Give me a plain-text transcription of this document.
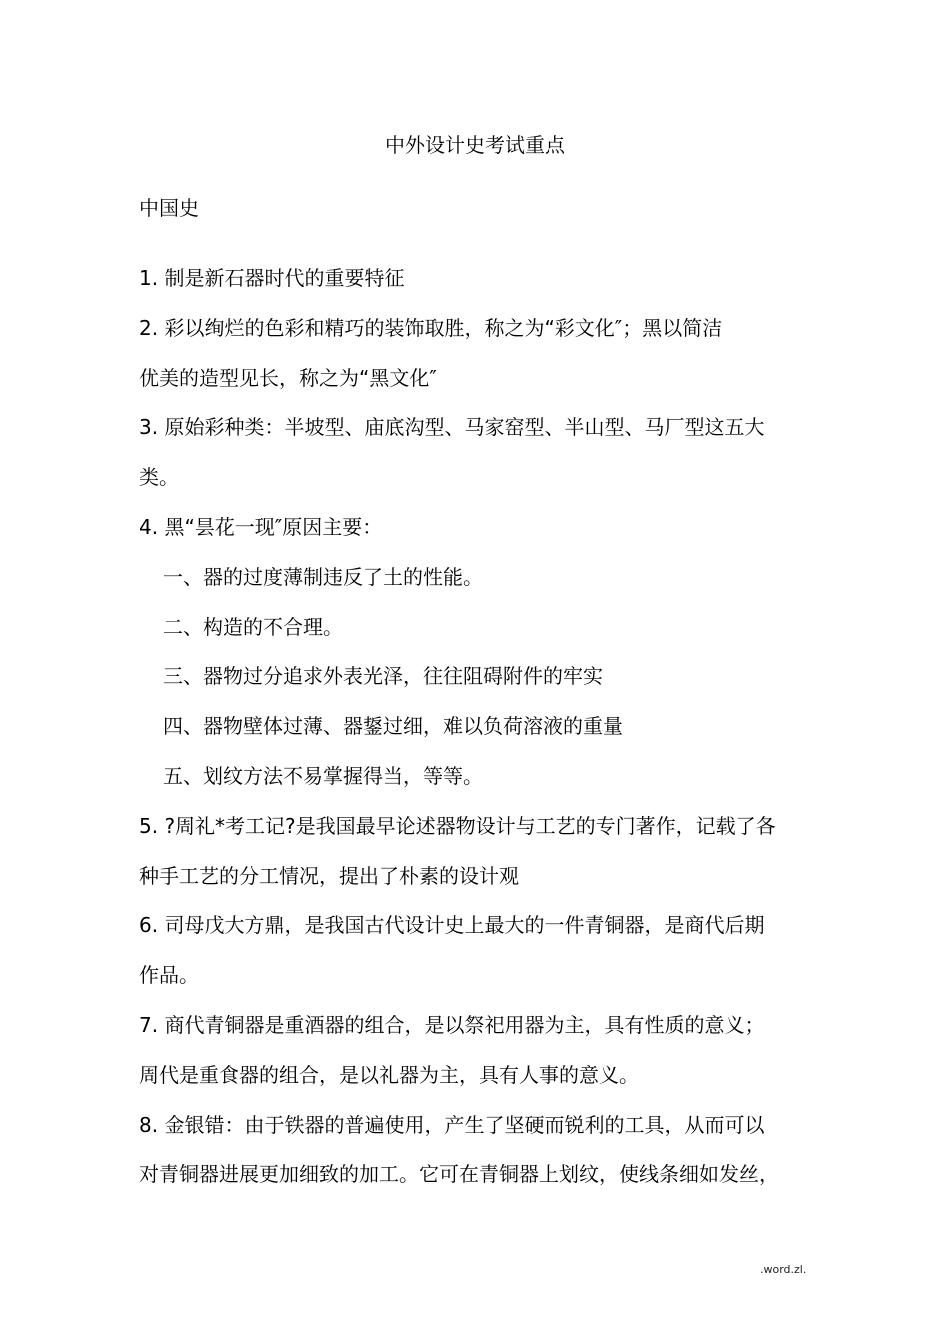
中外设计史考试重点
中国史
1. 制是新石器时代的重要特征
2. 彩以绚烂的色彩和精巧的装饰取胜，称之为“彩文化″；黑以简洁
优美的造型见长，称之为“黑文化″
3. 原始彩种类：半坡型、庙底沟型、马家窑型、半山型、马厂型这五大
类。
4. 黑“昙花一现″原因主要：
一、器的过度薄制违反了土的性能。
二、构造的不合理。
三、器物过分追求外表光泽，往往阻碍附件的牢实
四、器物壁体过薄、器鋬过细，难以负荷溶液的重量
五、划纹方法不易掌握得当，等等。
5. ?周礼*考工记?是我国最早论述器物设计与工艺的专门著作，记载了各
种手工艺的分工情况，提出了朴素的设计观
6. 司母戊大方鼎，是我国古代设计史上最大的一件青铜器，是商代后期
作品。
7. 商代青铜器是重酒器的组合，是以祭祀用器为主，具有性质的意义；
周代是重食器的组合，是以礼器为主，具有人事的意义。
8. 金银错：由于铁器的普遍使用，产生了坚硬而锐利的工具，从而可以
对青铜器进展更加细致的加工。它可在青铜器上划纹，使线条细如发丝，
.word.zl.
